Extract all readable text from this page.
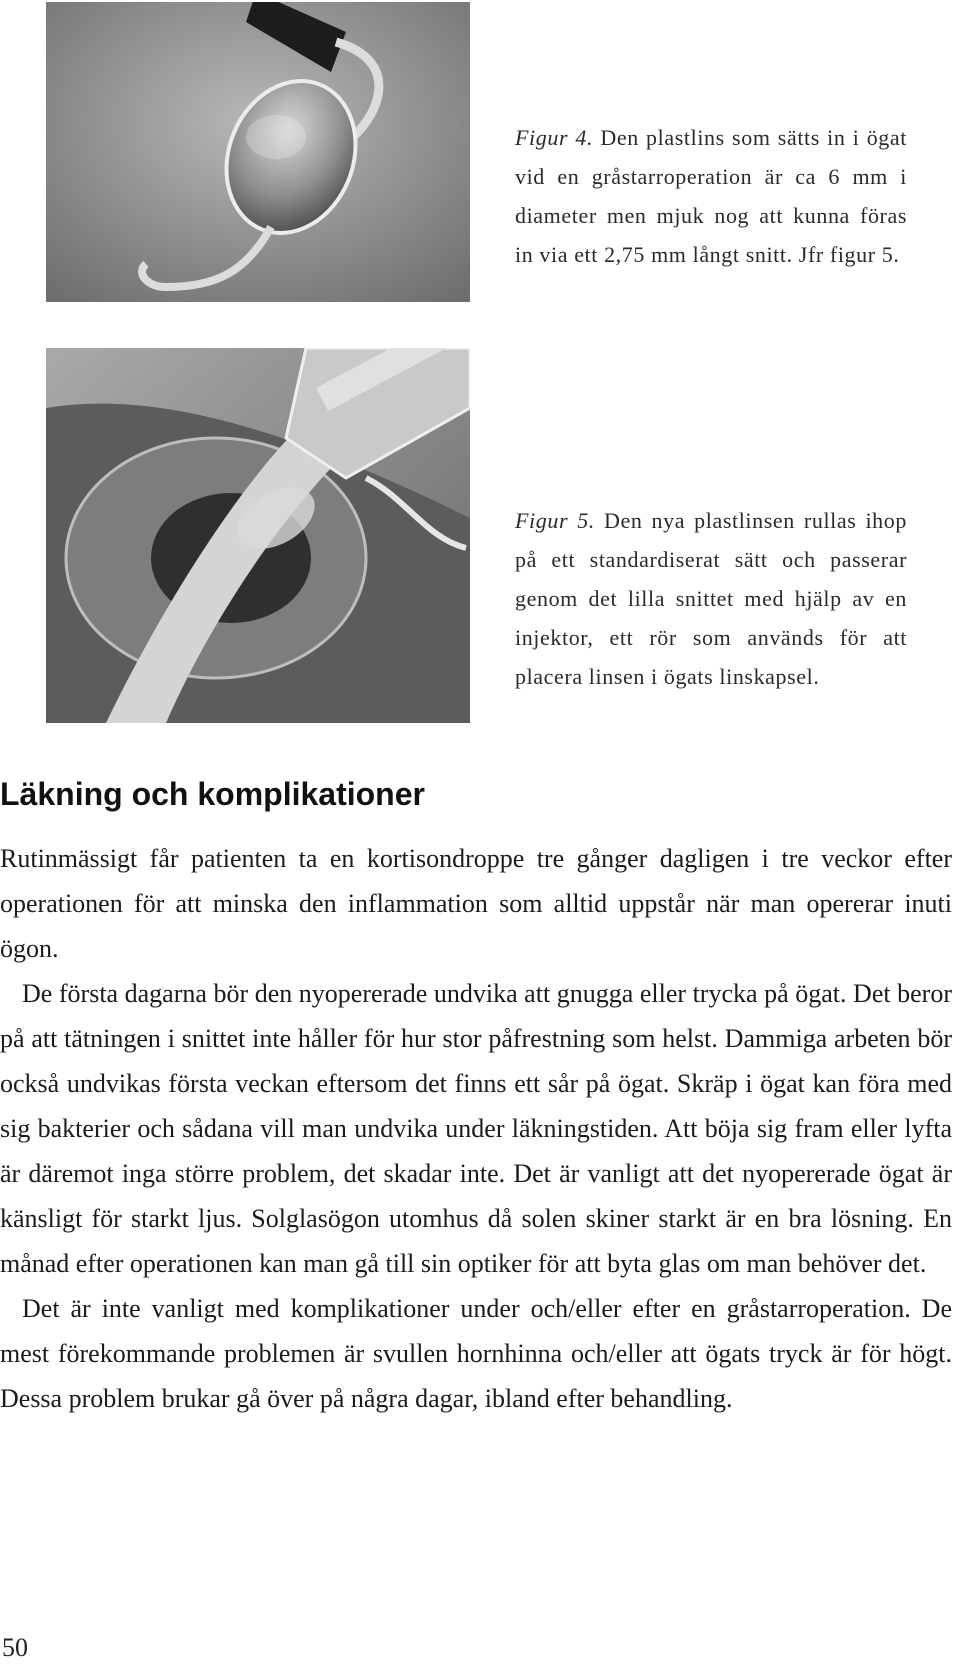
Figur 4. Den plastlins som sätts in i ögat vid en gråstarroperation är ca 6 mm i diameter men mjuk nog att kunna föras in via ett 2,75 mm långt snitt. Jfr figur 5.
Figur 5. Den nya plastlinsen rullas ihop på ett standardiserat sätt och passerar genom det lilla snittet med hjälp av en injektor, ett rör som används för att placera linsen i ögats linskapsel.
Läkning och komplikationer

Rutinmässigt får patienten ta en kortisondroppe tre gånger dagligen i tre veckor efter operationen för att minska den inflammation som alltid uppstår när man opererar inuti ögon.

De första dagarna bör den nyopererade undvika att gnugga eller trycka på ögat. Det beror på att tätningen i snittet inte håller för hur stor påfrestning som helst. Dammiga arbeten bör också undvikas första veckan eftersom det finns ett sår på ögat. Skräp i ögat kan föra med sig bakterier och sådana vill man undvika under läkningstiden. Att böja sig fram eller lyfta är däremot inga större problem, det skadar inte. Det är vanligt att det nyopererade ögat är känsligt för starkt ljus. Solglasögon utomhus då solen skiner starkt är en bra lösning. En månad efter operationen kan man gå till sin optiker för att byta glas om man behöver det.

Det är inte vanligt med komplikationer under och/eller efter en gråstarroperation. De mest förekommande problemen är svullen hornhinna och/eller att ögats tryck är för högt. Dessa problem brukar gå över på några dagar, ibland efter behandling.

50
